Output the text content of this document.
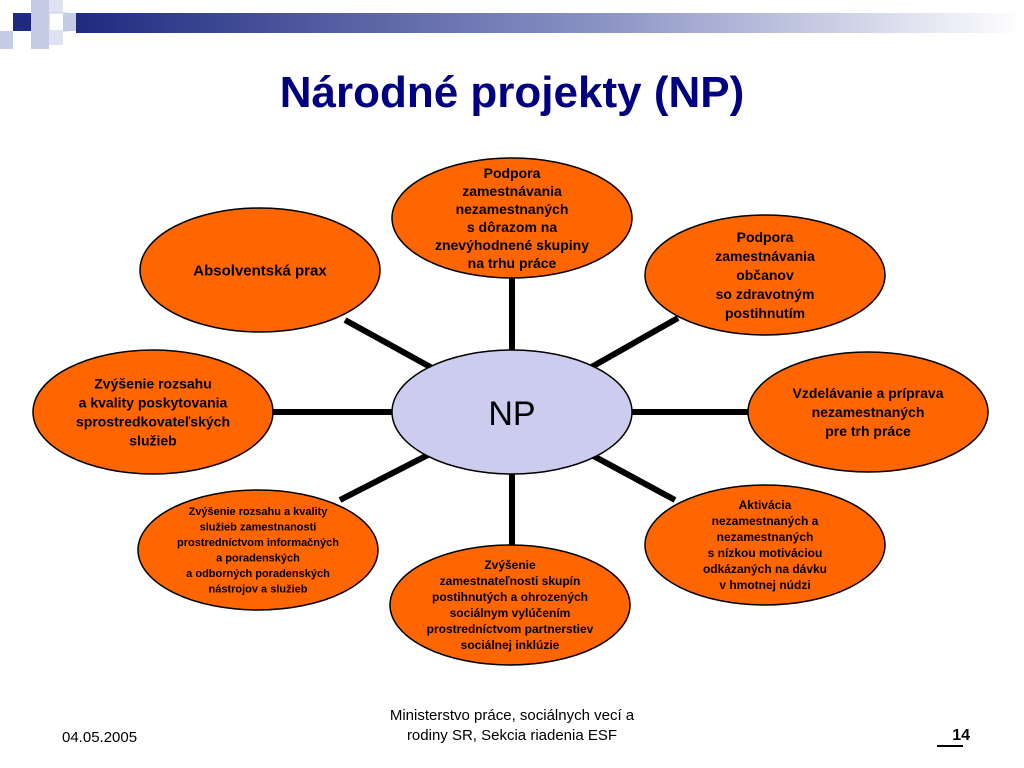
Národné projekty (NP)
Podpora
zamestnávania
nezamestnaných
s dôrazom na
znevýhodnené skupiny
na trhu práce
Podpora
zamestnávania
občanov
so zdravotným
postihnutím
Vzdelávanie a príprava
nezamestnaných
pre trh práce
Aktivácia
nezamestnaných a
nezamestnaných
s nízkou motiváciou
odkázaných na dávku
v hmotnej núdzi
Zvýšenie
zamestnateľnosti skupín
postihnutých a ohrozených
sociálnym vylúčením
prostredníctvom partnerstiev
sociálnej inklúzie
Zvýšenie rozsahu a kvality
služieb zamestnanosti
prostredníctvom informačných
a poradenských
a odborných poradenských
nástrojov a služieb
Zvýšenie rozsahu
a kvality poskytovania
sprostredkovateľských
služieb
Absolventská prax
NP
04.05.2005
Ministerstvo práce, sociálnych vecí a
rodiny SR, Sekcia riadenia ESF	14
